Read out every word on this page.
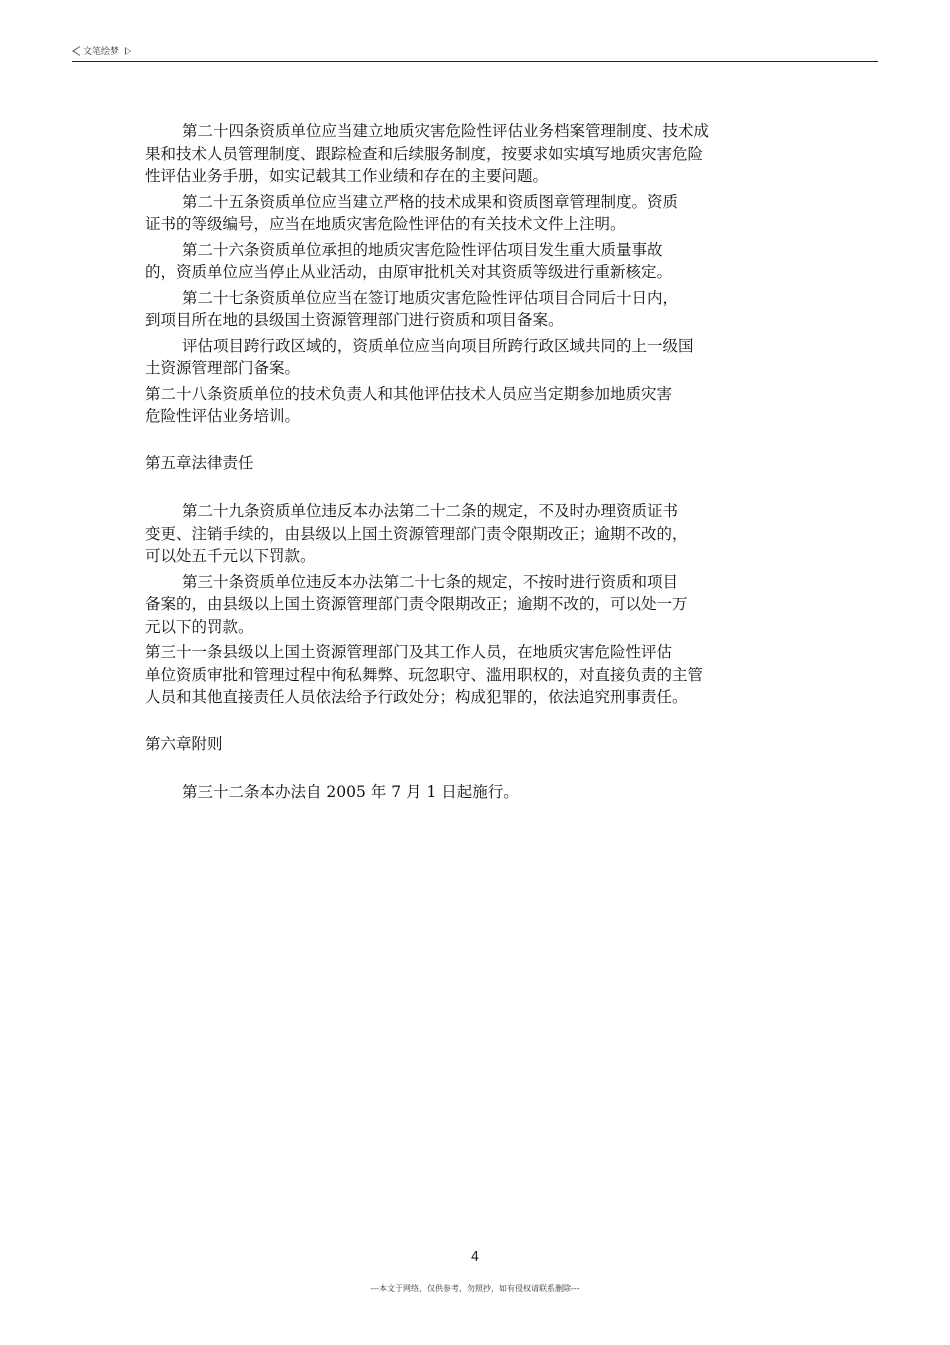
文笔绘梦

第二十四条资质单位应当建立地质灾害危险性评估业务档案管理制度、技术成
果和技术人员管理制度、跟踪检查和后续服务制度，按要求如实填写地质灾害危险
性评估业务手册，如实记载其工作业绩和存在的主要问题。

第二十五条资质单位应当建立严格的技术成果和资质图章管理制度。资质
证书的等级编号，应当在地质灾害危险性评估的有关技术文件上注明。

第二十六条资质单位承担的地质灾害危险性评估项目发生重大质量事故
的，资质单位应当停止从业活动，由原审批机关对其资质等级进行重新核定。

第二十七条资质单位应当在签订地质灾害危险性评估项目合同后十日内，
到项目所在地的县级国土资源管理部门进行资质和项目备案。

评估项目跨行政区域的，资质单位应当向项目所跨行政区域共同的上一级国
土资源管理部门备案。

第二十八条资质单位的技术负责人和其他评估技术人员应当定期参加地质灾害
危险性评估业务培训。

第五章法律责任

第二十九条资质单位违反本办法第二十二条的规定，不及时办理资质证书
变更、注销手续的，由县级以上国土资源管理部门责令限期改正；逾期不改的，
可以处五千元以下罚款。

第三十条资质单位违反本办法第二十七条的规定，不按时进行资质和项目
备案的，由县级以上国土资源管理部门责令限期改正；逾期不改的，可以处一万
元以下的罚款。

第三十一条县级以上国土资源管理部门及其工作人员，在地质灾害危险性评估
单位资质审批和管理过程中徇私舞弊、玩忽职守、滥用职权的，对直接负责的主管
人员和其他直接责任人员依法给予行政处分；构成犯罪的，依法追究刑事责任。

第六章附则

第三十二条本办法自 2005 年 7 月 1 日起施行。

4
---本文于网络，仅供参考，勿照抄，如有侵权请联系删除---
